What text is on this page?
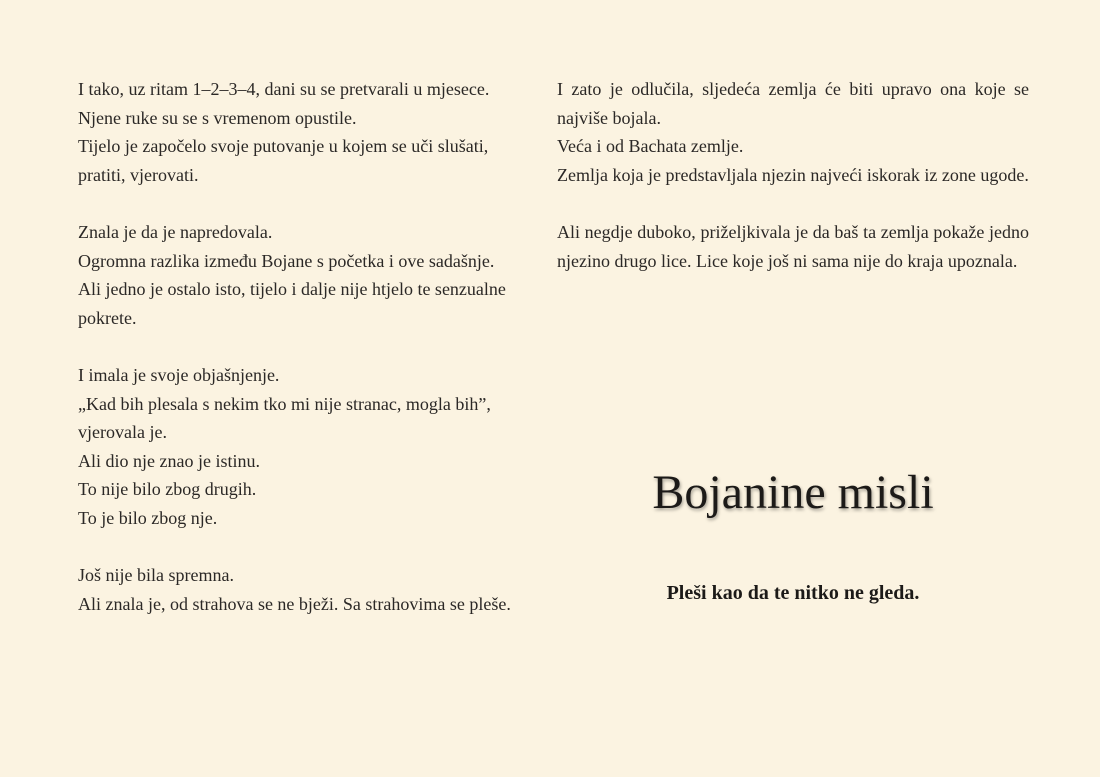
I tako, uz ritam 1–2–3–4, dani su se pretvarali u mjesece.
Njene ruke su se s vremenom opustile.
Tijelo je započelo svoje putovanje u kojem se uči slušati, pratiti, vjerovati.

Znala je da je napredovala.
Ogromna razlika između Bojane s početka i ove sadašnje.
Ali jedno je ostalo isto, tijelo i dalje nije htjelo te senzualne pokrete.

I imala je svoje objašnjenje.
„Kad bih plesala s nekim tko mi nije stranac, mogla bih”, vjerovala je.
Ali dio nje znao je istinu.
To nije bilo zbog drugih.
To je bilo zbog nje.

Još nije bila spremna.
Ali znala je, od strahova se ne bježi. Sa strahovima se pleše.

I zato je odlučila, sljedeća zemlja će biti upravo ona koje se najviše bojala.
Veća i od Bachata zemlje.
Zemlja koja je predstavljala njezin najveći iskorak iz zone ugode.

Ali negdje duboko, priželjkivala je da baš ta zemlja pokaže jedno njezino drugo lice. Lice koje još ni sama nije do kraja upoznala.

Bojanine misli

Pleši kao da te nitko ne gleda.
